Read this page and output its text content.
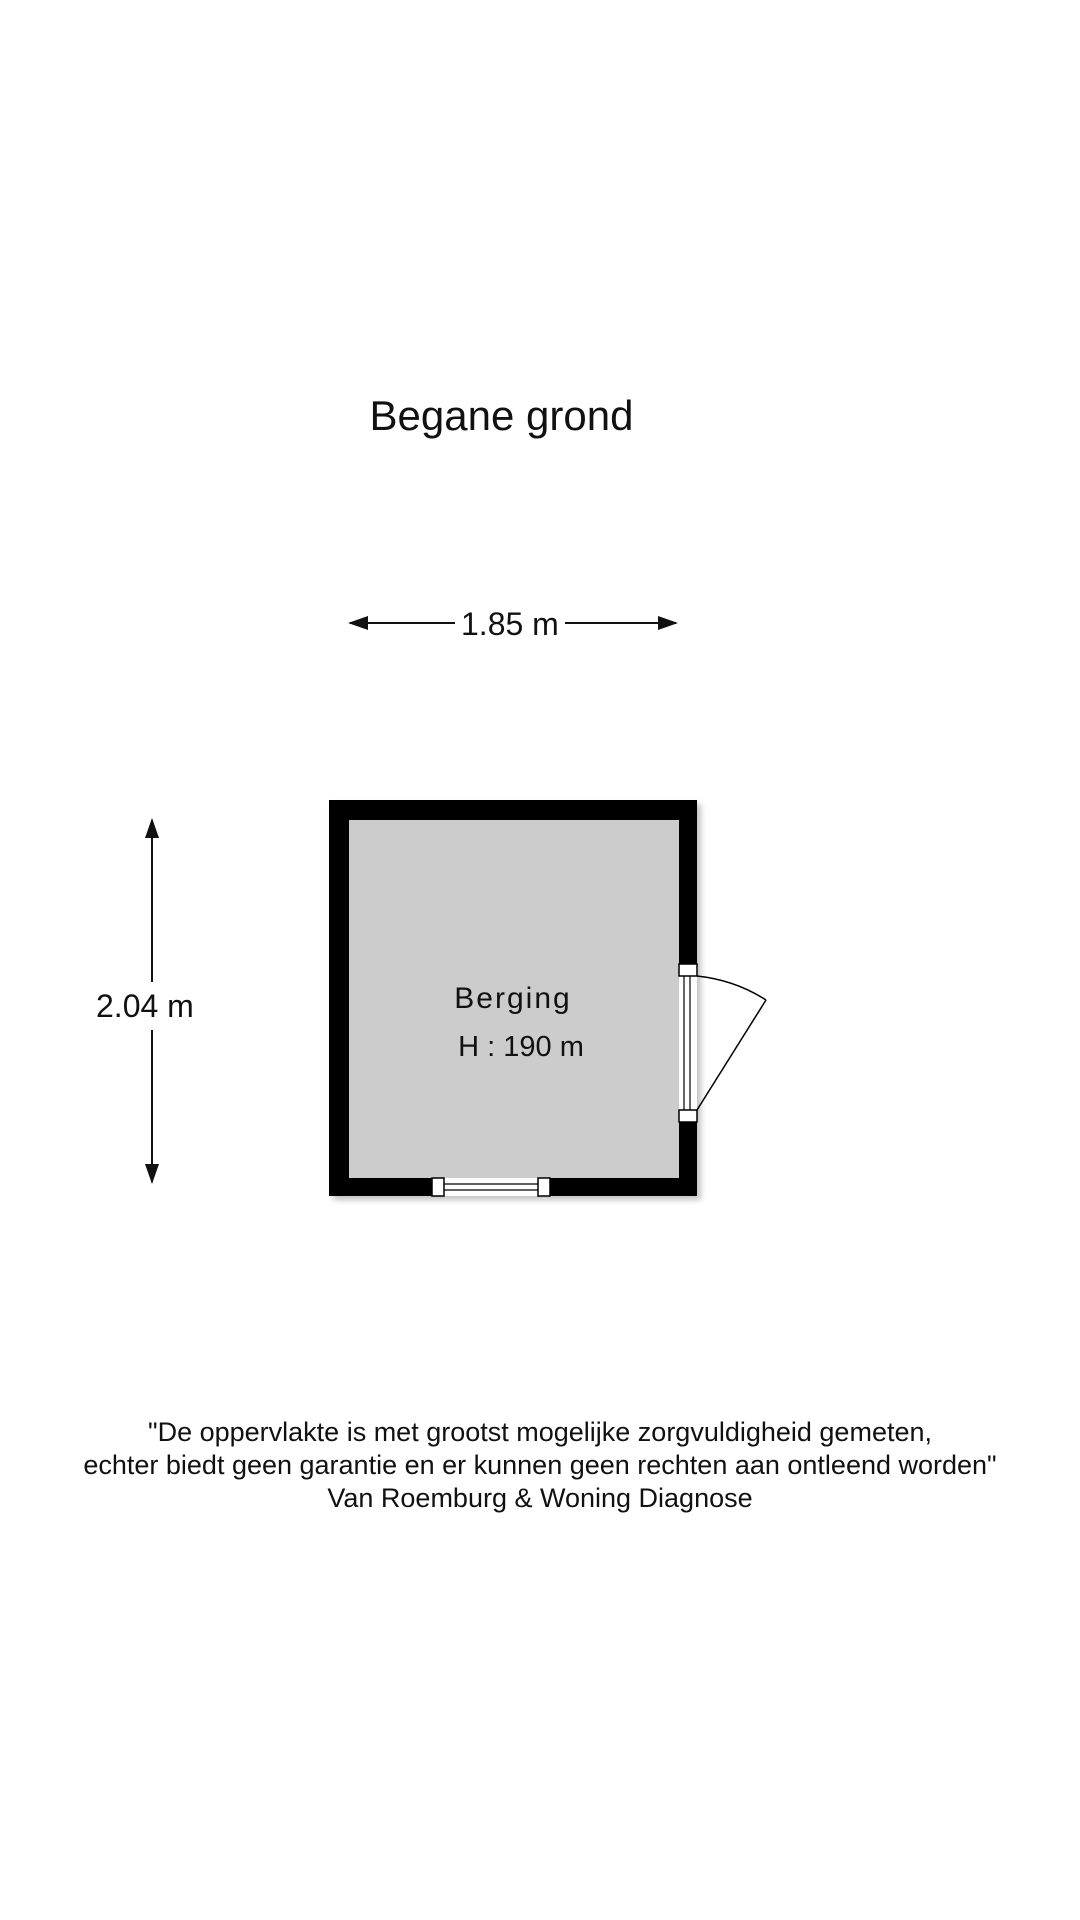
Begane grond
1.85 m
2.04 m	Berging
H : 190 m
"De oppervlakte is met grootst mogelijke zorgvuldigheid gemeten,
echter biedt geen garantie en er kunnen geen rechten aan ontleend worden"
Van Roemburg & Woning Diagnose
